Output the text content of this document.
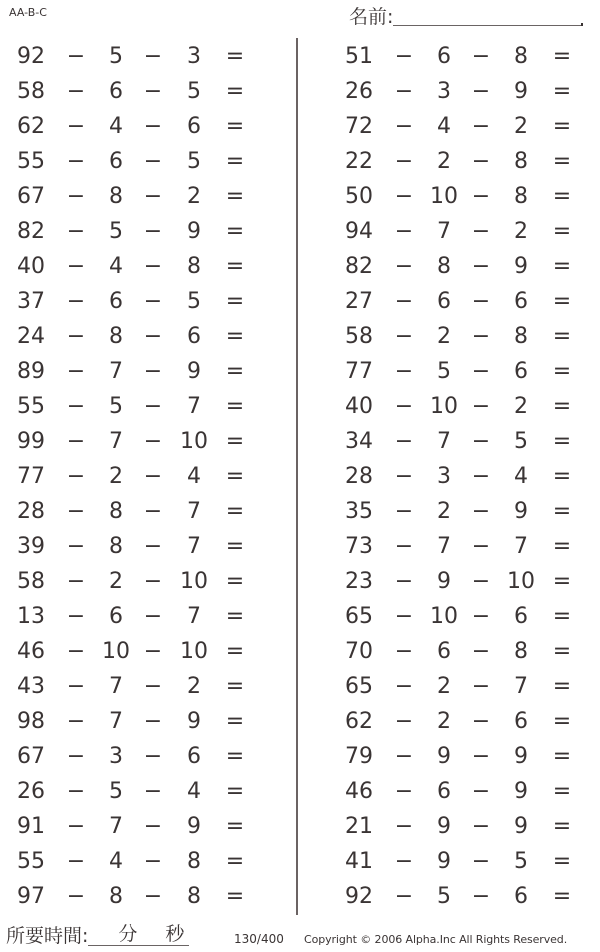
AA-B-C	名前:
92 −	5 −	3	=
58 −	6 −	5	=
62 −	4 −	6	=
55 −	6 −	5	=
67 −	8 −	2	=
82 −	5 −	9	=
40 −	4 −	8	=
37 −	6 −	5	=
24 −	8 −	6	=
89 −	7 −	9	=
55 −	5 −	7	=
99 −	7 − 10 =
77 −	2 −	4	=
28 −	8 −	7	=
39 −	8 −	7	=
58 −	2 − 10 =
13 −	6 −	7	=
46 − 10 − 10 =
43 −	7 −	2	=
98 −	7 −	9	=
67 −	3 −	6	=
26 −	5 −	4	=
91 −	7 −	9	=
55 −	4 −	8	=
97 −	8 −	8	=
51 −	6 −	8	=
26 −	3 −	9	=
72 −	4 −	2	=
22 −	2 −	8	=
50 − 10 −	8	=
94 −	7 −	2	=
82 −	8 −	9	=
27 −	6 −	6	=
58 −	2 −	8	=
77 −	5 −	6	=
40 − 10 −	2	=
34 −	7 −	5	=
28 −	3 −	4	=
35 −	2 −	9	=
73 −	7 −	7	=
23 −	9 − 10 =
65 − 10 −	6	=
70 −	6 −	8	=
65 −	2 −	7	=
62 −	2 −	6	=
79 −	9 −	9	=
46 −	6 −	9	=
21 −	9 −	9	=
41 −	9 −	5	=
92 −	5 −	6	=
所要時間: 分 秒	130/400 Copyright © 2006 Alpha.Inc All Rights Reserved.
